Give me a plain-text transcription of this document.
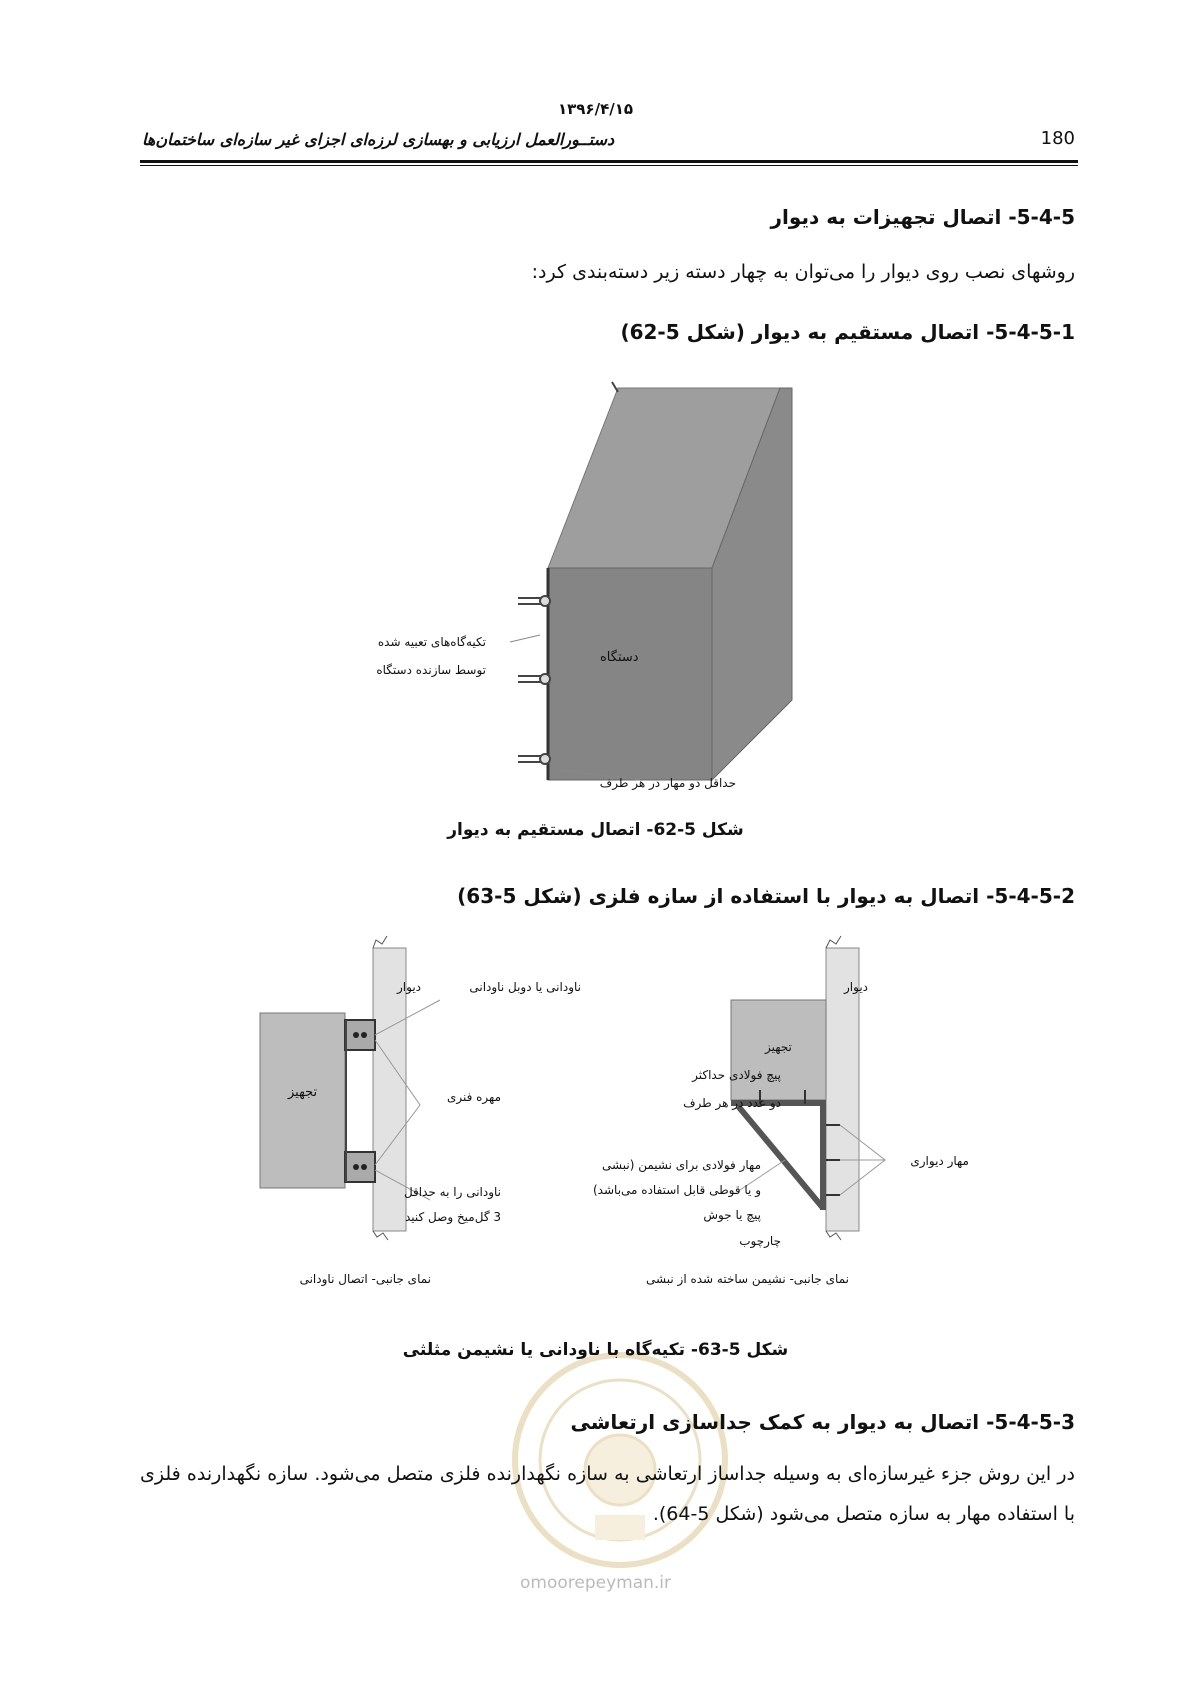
۱۳۹۶/۴/۱۵
دستــورالعمل ارزيابی و بهسازی لرزه‌ای اجزای غير سازه‌ای ساختمان‌ها	180
5-4-5- اتصال تجهيزات به ديوار
روشهای نصب روی ديوار را می‌توان به چهار دسته زير دسته‌بندی کرد:
5-4-5-1- اتصال مستقيم به ديوار (شکل 5-62)
دستگاه
تکيه‌گاه‌های تعبيه شده
توسط سازنده دستگاه
حداقل دو مهار در هر طرف
شکل 5-62- اتصال مستقيم به ديوار
5-4-5-2- اتصال به ديوار با استفاده از سازه فلزی (شکل 5-63)
ديوار	ناودانی يا دوبل ناودانی
تجهيز	مهره فنری
ناودانی را به حداقل
3 گل‌ميخ وصل کنيد
نمای جانبی- اتصال ناودانی
ديوار
تجهيز
پيچ فولادی حداکثر
دو عدد در هر طرف
مهار فولادی برای نشيمن (نبشی
و يا قوطی قابل استفاده می‌باشد)
پيچ يا جوش
چارچوب
مهار ديواری
نمای جانبی- نشيمن ساخته شده از نبشی
شکل 5-63- تکيه‌گاه با ناودانی يا نشيمن مثلثی
5-4-5-3- اتصال به ديوار به کمک جداسازی ارتعاشی
در اين روش جزء غيرسازه‌ای به وسيله جداساز ارتعاشی به سازه نگهدارنده فلزی متصل می‌شود. سازه نگهدارنده فلزی با استفاده مهار به سازه متصل می‌شود (شکل 5-64).
omoorepeyman.ir
